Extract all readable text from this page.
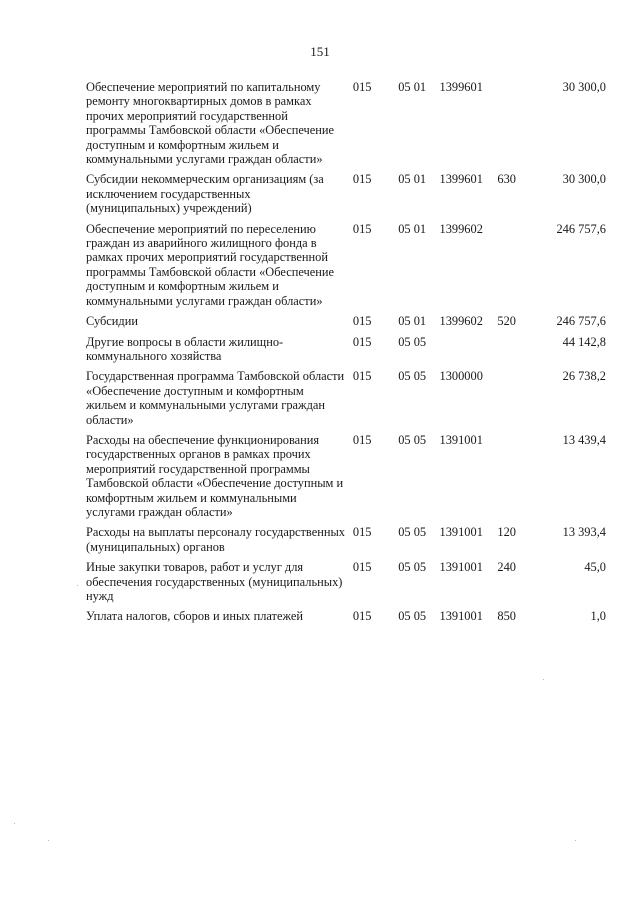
151
Обеспечение мероприятий по капитальному ремонту многоквартирных домов в рамках прочих мероприятий государственной программы Тамбовской области «Обеспечение доступным и комфортным жильем и коммунальными услугами граждан области»	015	05 01	1399601		30 300,0
Субсидии некоммерческим организациям (за исключением государственных (муниципальных) учреждений)	015	05 01	1399601	630	30 300,0
Обеспечение мероприятий по переселению граждан из аварийного жилищного фонда в рамках прочих мероприятий государственной программы Тамбовской области «Обеспечение доступным и комфортным жильем и коммунальными услугами граждан области»	015	05 01	1399602		246 757,6
Субсидии	015	05 01	1399602	520	246 757,6
Другие вопросы в области жилищно-коммунального хозяйства	015	05 05			44 142,8
Государственная программа Тамбовской области «Обеспечение доступным и комфортным жильем и коммунальными услугами граждан области»	015	05 05	1300000		26 738,2
Расходы на обеспечение функционирования государственных органов в рамках прочих мероприятий государственной программы Тамбовской области «Обеспечение доступным и комфортным жильем и коммунальными услугами граждан области»	015	05 05	1391001		13 439,4
Расходы на выплаты персоналу государственных (муниципальных) органов	015	05 05	1391001	120	13 393,4
Иные закупки товаров, работ и услуг для обеспечения государственных (муниципальных) нужд	015	05 05	1391001	240	45,0
Уплата налогов, сборов и иных платежей	015	05 05	1391001	850	1,0
